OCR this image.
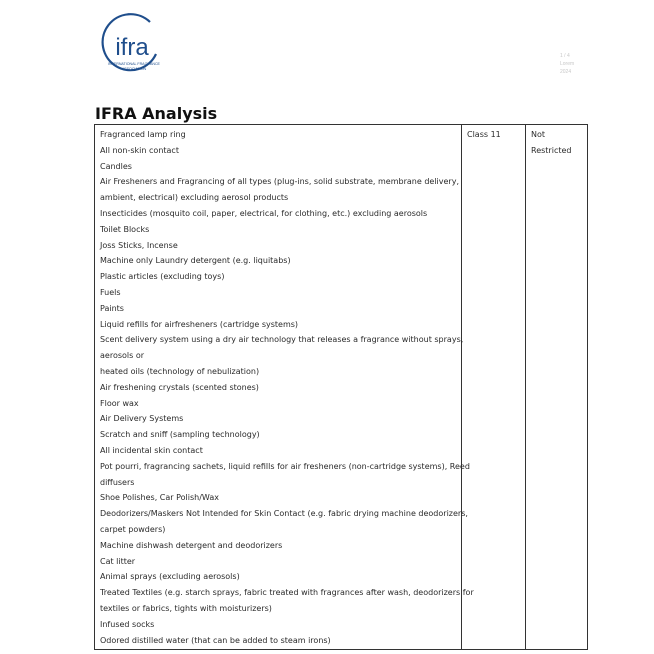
ifra
INTERNATIONAL FRAGRANCE
ASSOCIATION
1 / 4
Lorem
2024
IFRA Analysis
Fragranced lamp ring
All non-skin contact
Candles
Air Fresheners and Fragrancing of all types (plug-ins, solid substrate, membrane delivery,
ambient, electrical) excluding aerosol products
Insecticides (mosquito coil, paper, electrical, for clothing, etc.) excluding aerosols
Toilet Blocks
Joss Sticks, Incense
Machine only Laundry detergent (e.g. liquitabs)
Plastic articles (excluding toys)
Fuels
Paints
Liquid refills for airfresheners (cartridge systems)
Scent delivery system using a dry air technology that releases a fragrance without sprays,
aerosols or
heated oils (technology of nebulization)
Air freshening crystals (scented stones)
Floor wax
Air Delivery Systems
Scratch and sniff (sampling technology)
All incidental skin contact
Pot pourri, fragrancing sachets, liquid refills for air fresheners (non-cartridge systems), Reed
diffusers
Shoe Polishes, Car Polish/Wax
Deodorizers/Maskers Not Intended for Skin Contact (e.g. fabric drying machine deodorizers,
carpet powders)
Machine dishwash detergent and deodorizers
Cat litter
Animal sprays (excluding aerosols)
Treated Textiles (e.g. starch sprays, fabric treated with fragrances after wash, deodorizers for
textiles or fabrics, tights with moisturizers)
Infused socks
Odored distilled water (that can be added to steam irons)
Class 11	Not
Restricted
